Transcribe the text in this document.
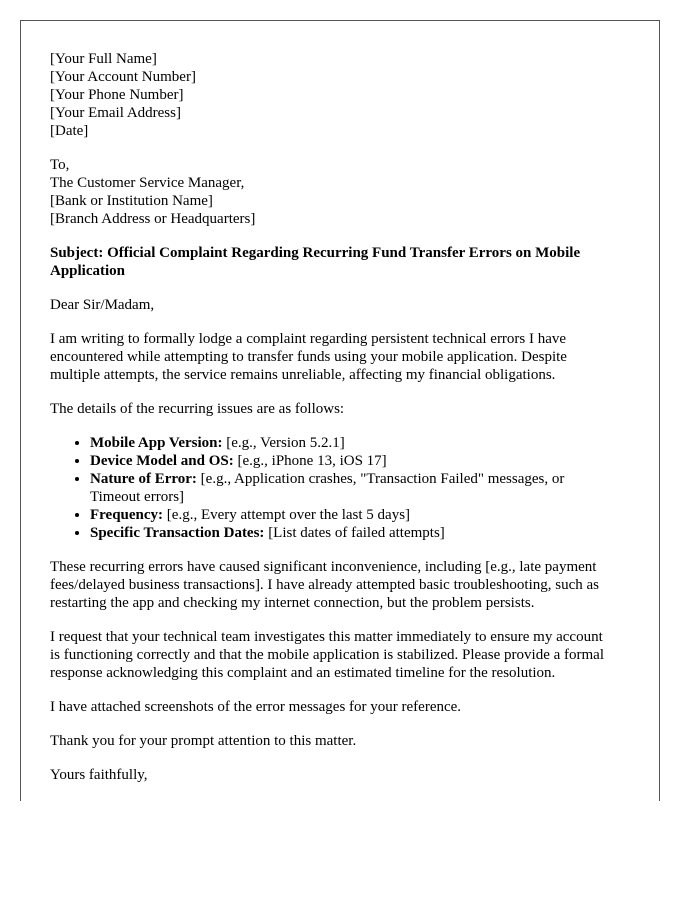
[Your Full Name]
[Your Account Number]
[Your Phone Number]
[Your Email Address]
[Date]
To,
The Customer Service Manager,
[Bank or Institution Name]
[Branch Address or Headquarters]
Subject: Official Complaint Regarding Recurring Fund Transfer Errors on Mobile Application

Dear Sir/Madam,

I am writing to formally lodge a complaint regarding persistent technical errors I have encountered while attempting to transfer funds using your mobile application. Despite multiple attempts, the service remains unreliable, affecting my financial obligations.

The details of the recurring issues are as follows:

• Mobile App Version: [e.g., Version 5.2.1]
• Device Model and OS: [e.g., iPhone 13, iOS 17]
• Nature of Error: [e.g., Application crashes, "Transaction Failed" messages, or Timeout errors]
• Frequency: [e.g., Every attempt over the last 5 days]
• Specific Transaction Dates: [List dates of failed attempts]

These recurring errors have caused significant inconvenience, including [e.g., late payment fees/delayed business transactions]. I have already attempted basic troubleshooting, such as restarting the app and checking my internet connection, but the problem persists.

I request that your technical team investigates this matter immediately to ensure my account is functioning correctly and that the mobile application is stabilized. Please provide a formal response acknowledging this complaint and an estimated timeline for the resolution.

I have attached screenshots of the error messages for your reference.

Thank you for your prompt attention to this matter.

Yours faithfully,
